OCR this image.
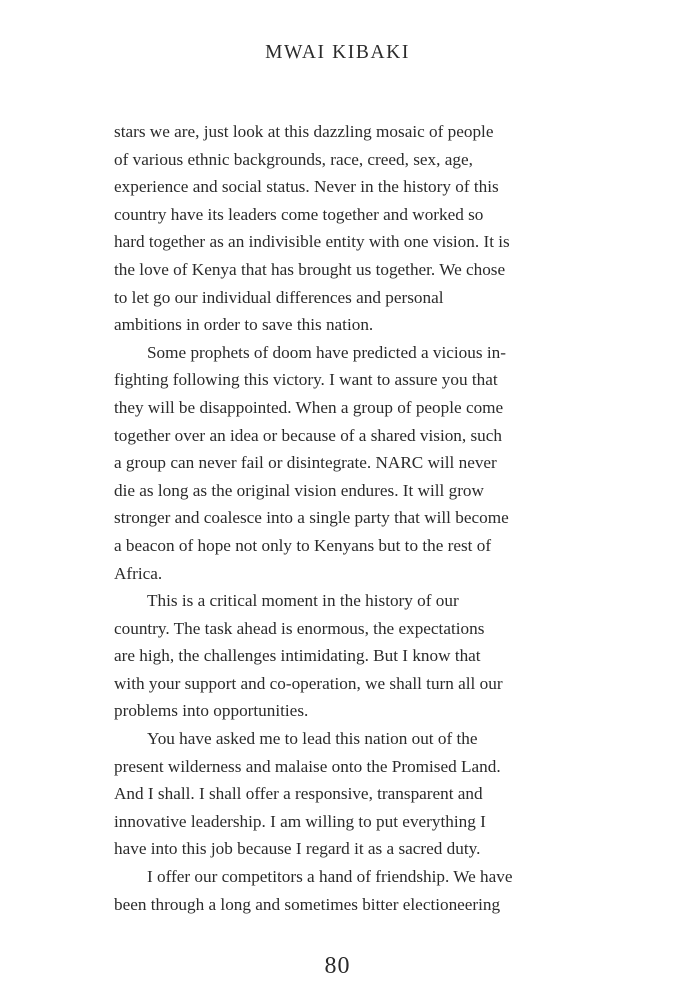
MWAI KIBAKI
stars we are, just look at this dazzling mosaic of people
of various ethnic backgrounds, race, creed, sex, age,
experience and social status. Never in the history of this
country have its leaders come together and worked so
hard together as an indivisible entity with one vision. It is
the love of Kenya that has brought us together. We chose
to let go our individual differences and personal
ambitions in order to save this nation.
Some prophets of doom have predicted a vicious in-
fighting following this victory. I want to assure you that
they will be disappointed. When a group of people come
together over an idea or because of a shared vision, such
a group can never fail or disintegrate. NARC will never
die as long as the original vision endures. It will grow
stronger and coalesce into a single party that will become
a beacon of hope not only to Kenyans but to the rest of
Africa.
This is a critical moment in the history of our
country. The task ahead is enormous, the expectations
are high, the challenges intimidating. But I know that
with your support and co-operation, we shall turn all our
problems into opportunities.
You have asked me to lead this nation out of the
present wilderness and malaise onto the Promised Land.
And I shall. I shall offer a responsive, transparent and
innovative leadership. I am willing to put everything I
have into this job because I regard it as a sacred duty.
I offer our competitors a hand of friendship. We have
been through a long and sometimes bitter electioneering
80
